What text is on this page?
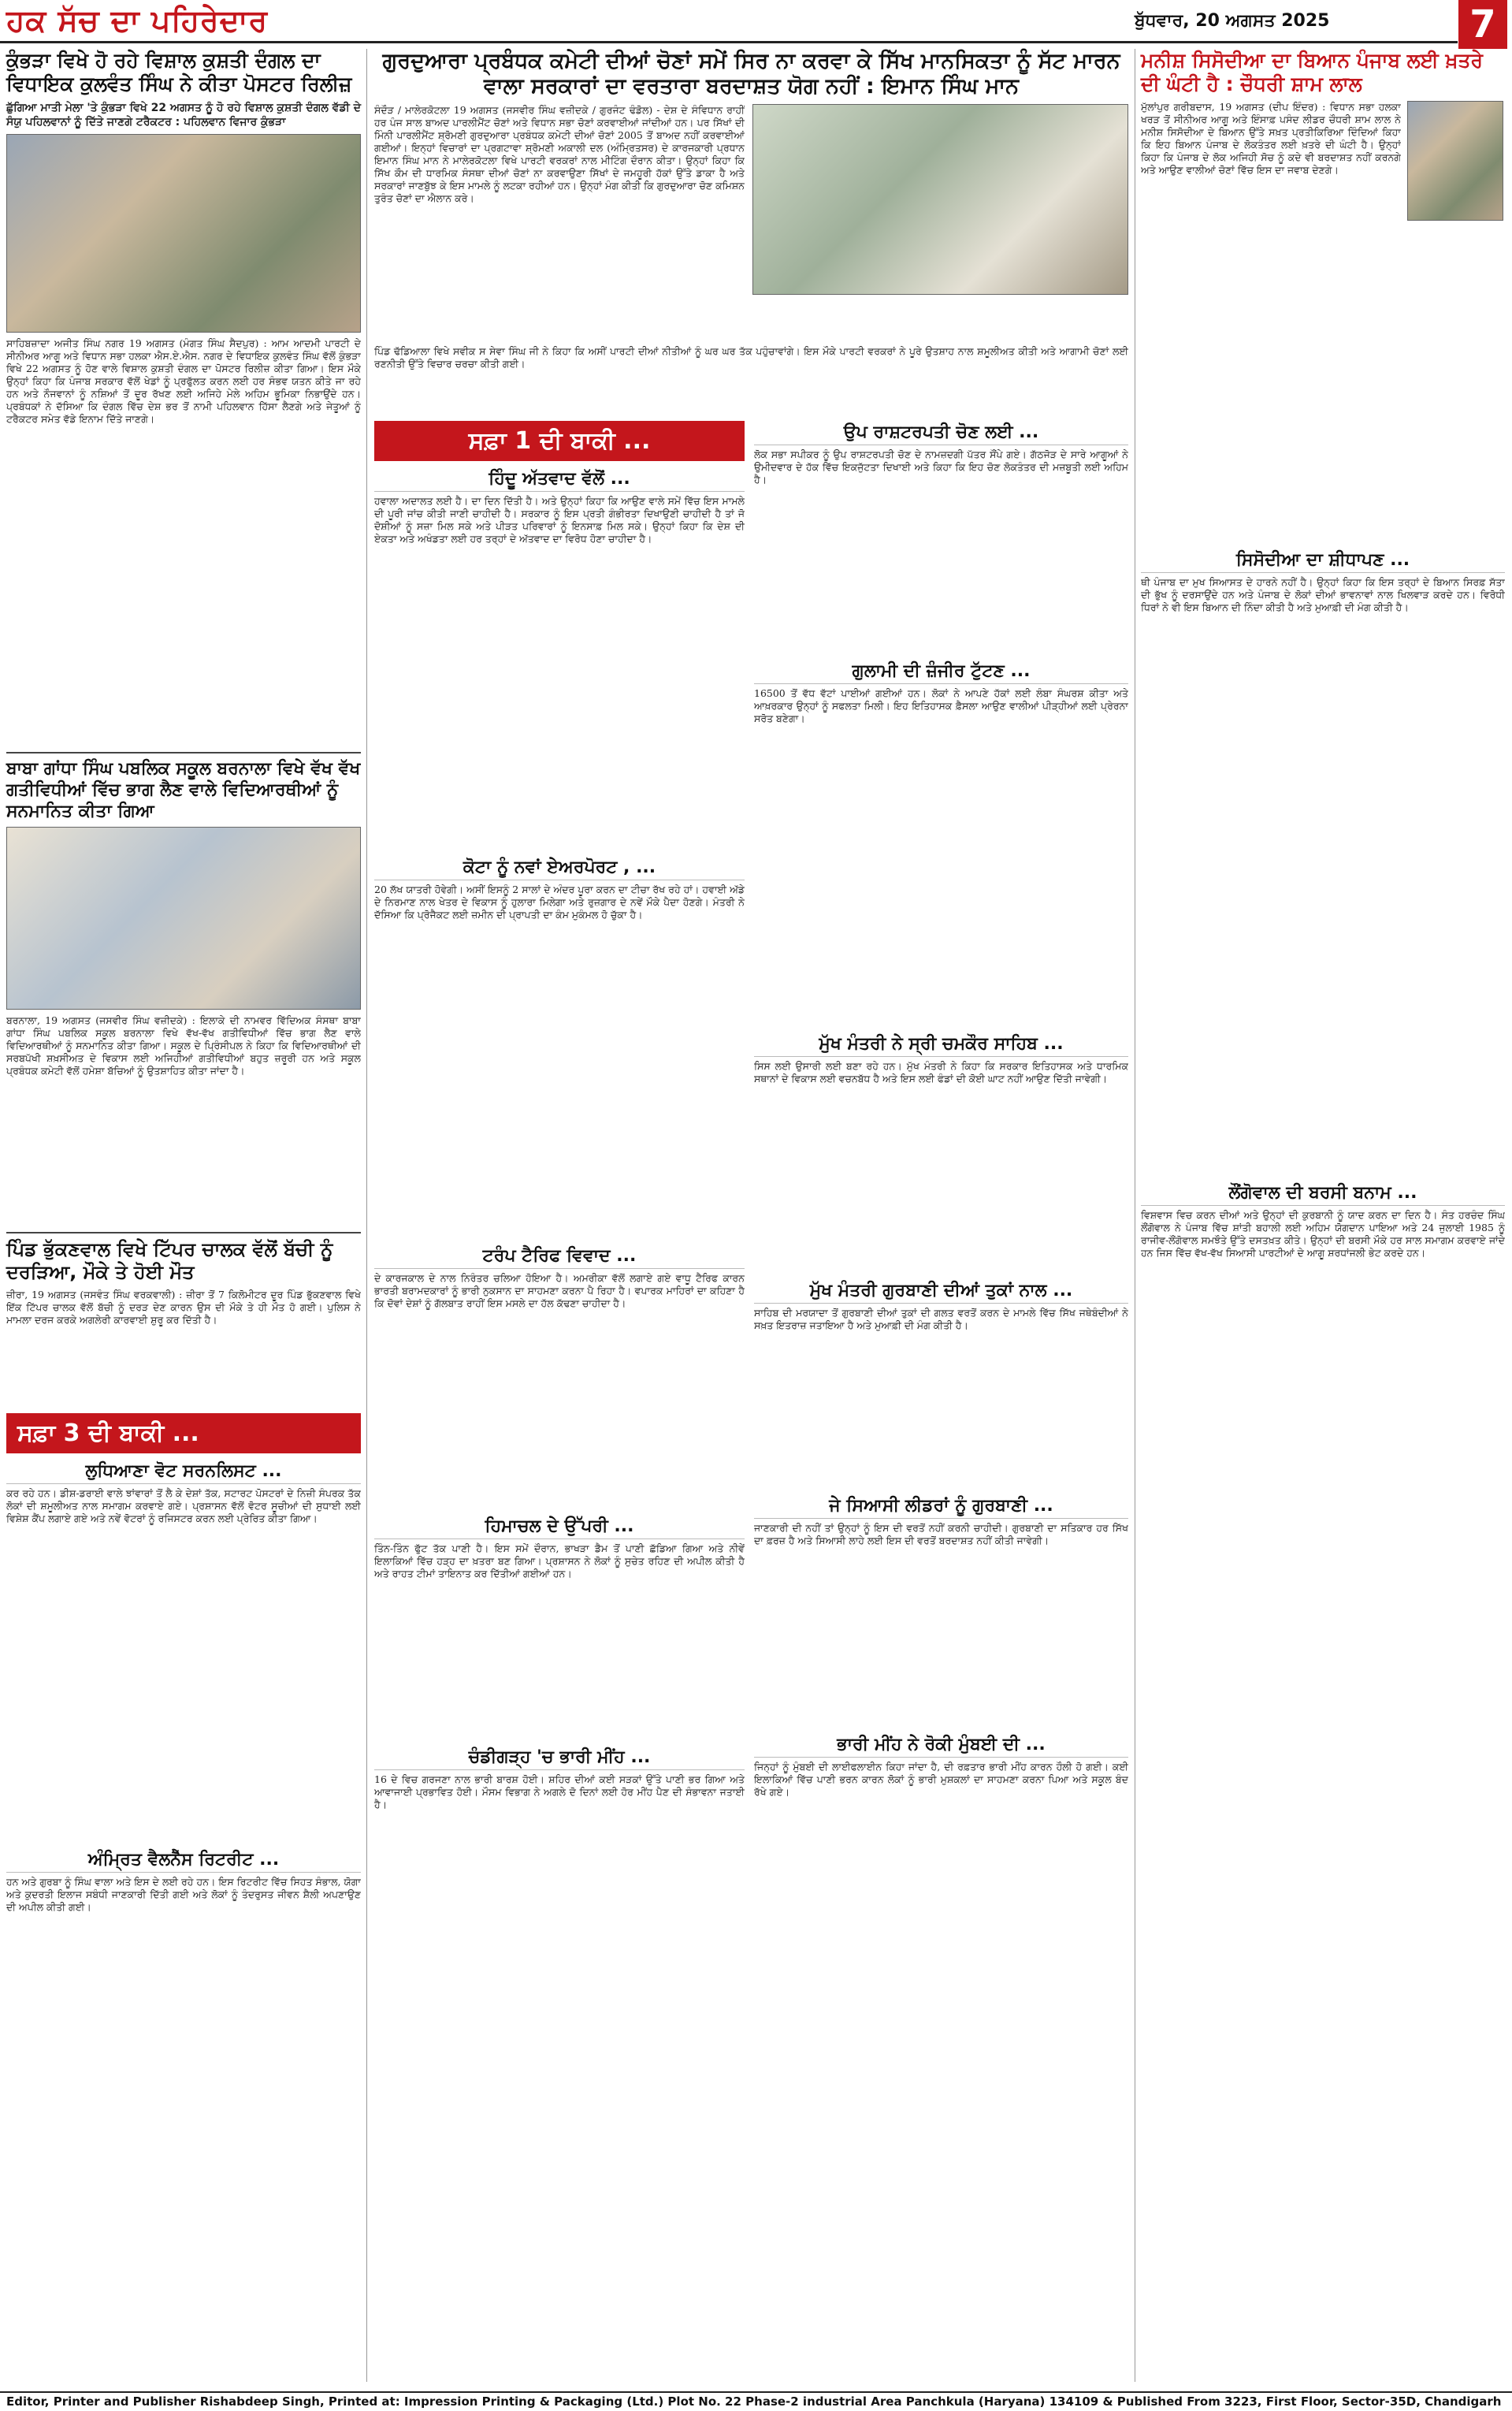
ਹਕ ਸੱਚ ਦਾ ਪਹਿਰੇਦਾਰ	ਬੁੱਧਵਾਰ, 20 ਅਗਸਤ 2025	7
ਕੁੰਭੜਾ ਵਿਖੇ ਹੋ ਰਹੇ ਵਿਸ਼ਾਲ ਕੁਸ਼ਤੀ ਦੰਗਲ ਦਾ ਵਿਧਾਇਕ ਕੁਲਵੰਤ ਸਿੰਘ ਨੇ ਕੀਤਾ ਪੋਸਟਰ ਰਿਲੀਜ਼
ਛੁੱਗਿਆ ਮਾਤੀ ਮੇਲਾ 'ਤੇ ਕੁੰਭੜਾ ਵਿਖੇ 22 ਅਗਸਤ ਨੂੰ ਹੋ ਰਹੇ ਵਿਸ਼ਾਲ ਕੁਸ਼ਤੀ ਦੰਗਲ ਵੱਡੀ ਦੇ ਸੰਯੁ ਪਹਿਲਵਾਨਾਂ ਨੂੰ ਦਿੱਤੇ ਜਾਣਗੇ ਟਰੈਕਟਰ : ਪਹਿਲਵਾਨ ਵਿਜਾਰ ਕੁੰਭੜਾ
ਸਾਹਿਬਜ਼ਾਦਾ ਅਜੀਤ ਸਿੰਘ ਨਗਰ 19 ਅਗਸਤ (ਮੰਗਤ ਸਿੰਘ ਸੈਦਪੁਰ) : ਆਮ ਆਦਮੀ ਪਾਰਟੀ ਦੇ ਸੀਨੀਅਰ ਆਗੂ ਅਤੇ ਵਿਧਾਨ ਸਭਾ ਹਲਕਾ ਐਸ.ਏ.ਐਸ. ਨਗਰ ਦੇ ਵਿਧਾਇਕ ਕੁਲਵੰਤ ਸਿੰਘ ਵੱਲੋਂ ਕੁੰਭੜਾ ਵਿਖੇ 22 ਅਗਸਤ ਨੂੰ ਹੋਣ ਵਾਲੇ ਵਿਸ਼ਾਲ ਕੁਸ਼ਤੀ ਦੰਗਲ ਦਾ ਪੋਸਟਰ ਰਿਲੀਜ਼ ਕੀਤਾ ਗਿਆ। ਇਸ ਮੌਕੇ ਉਨ੍ਹਾਂ ਕਿਹਾ ਕਿ ਪੰਜਾਬ ਸਰਕਾਰ ਵੱਲੋਂ ਖੇਡਾਂ ਨੂੰ ਪ੍ਰਫੁੱਲਤ ਕਰਨ ਲਈ ਹਰ ਸੰਭਵ ਯਤਨ ਕੀਤੇ ਜਾ ਰਹੇ ਹਨ ਅਤੇ ਨੌਜਵਾਨਾਂ ਨੂੰ ਨਸ਼ਿਆਂ ਤੋਂ ਦੂਰ ਰੱਖਣ ਲਈ ਅਜਿਹੇ ਮੇਲੇ ਅਹਿਮ ਭੂਮਿਕਾ ਨਿਭਾਉਂਦੇ ਹਨ। ਪ੍ਰਬੰਧਕਾਂ ਨੇ ਦੱਸਿਆ ਕਿ ਦੰਗਲ ਵਿੱਚ ਦੇਸ਼ ਭਰ ਤੋਂ ਨਾਮੀ ਪਹਿਲਵਾਨ ਹਿੱਸਾ ਲੈਣਗੇ ਅਤੇ ਜੇਤੂਆਂ ਨੂੰ ਟਰੈਕਟਰ ਸਮੇਤ ਵੱਡੇ ਇਨਾਮ ਦਿੱਤੇ ਜਾਣਗੇ।
ਬਾਬਾ ਗਾਂਧਾ ਸਿੰਘ ਪਬਲਿਕ ਸਕੂਲ ਬਰਨਾਲਾ ਵਿਖੇ ਵੱਖ ਵੱਖ ਗਤੀਵਿਧੀਆਂ ਵਿੱਚ ਭਾਗ ਲੈਣ ਵਾਲੇ ਵਿਦਿਆਰਥੀਆਂ ਨੂੰ ਸਨਮਾਨਿਤ ਕੀਤਾ ਗਿਆ
ਬਰਨਾਲਾ, 19 ਅਗਸਤ (ਜਸਵੀਰ ਸਿੰਘ ਵਜ਼ੀਦਕੇ) : ਇਲਾਕੇ ਦੀ ਨਾਮਵਰ ਵਿੱਦਿਅਕ ਸੰਸਥਾ ਬਾਬਾ ਗਾਂਧਾ ਸਿੰਘ ਪਬਲਿਕ ਸਕੂਲ ਬਰਨਾਲਾ ਵਿਖੇ ਵੱਖ-ਵੱਖ ਗਤੀਵਿਧੀਆਂ ਵਿੱਚ ਭਾਗ ਲੈਣ ਵਾਲੇ ਵਿਦਿਆਰਥੀਆਂ ਨੂੰ ਸਨਮਾਨਿਤ ਕੀਤਾ ਗਿਆ। ਸਕੂਲ ਦੇ ਪ੍ਰਿੰਸੀਪਲ ਨੇ ਕਿਹਾ ਕਿ ਵਿਦਿਆਰਥੀਆਂ ਦੀ ਸਰਬਪੱਖੀ ਸ਼ਖ਼ਸੀਅਤ ਦੇ ਵਿਕਾਸ ਲਈ ਅਜਿਹੀਆਂ ਗਤੀਵਿਧੀਆਂ ਬਹੁਤ ਜ਼ਰੂਰੀ ਹਨ ਅਤੇ ਸਕੂਲ ਪ੍ਰਬੰਧਕ ਕਮੇਟੀ ਵੱਲੋਂ ਹਮੇਸ਼ਾ ਬੱਚਿਆਂ ਨੂੰ ਉਤਸ਼ਾਹਿਤ ਕੀਤਾ ਜਾਂਦਾ ਹੈ।
ਪਿੰਡ ਭੁੱਕਣਵਾਲ ਵਿਖੇ ਟਿੱਪਰ ਚਾਲਕ ਵੱਲੋਂ ਬੱਚੀ ਨੂੰ ਦਰੜਿਆ, ਮੌਕੇ ਤੇ ਹੋਈ ਮੌਤ
ਜ਼ੀਰਾ, 19 ਅਗਸਤ (ਜਸਵੰਤ ਸਿੰਘ ਵਰਕਵਾਲੀ) : ਜ਼ੀਰਾ ਤੋਂ 7 ਕਿਲੋਮੀਟਰ ਦੂਰ ਪਿੰਡ ਭੁੱਕਣਵਾਲ ਵਿਖੇ ਇੱਕ ਟਿੱਪਰ ਚਾਲਕ ਵੱਲੋਂ ਬੱਚੀ ਨੂੰ ਦਰੜ ਦੇਣ ਕਾਰਨ ਉਸ ਦੀ ਮੌਕੇ ਤੇ ਹੀ ਮੌਤ ਹੋ ਗਈ। ਪੁਲਿਸ ਨੇ ਮਾਮਲਾ ਦਰਜ ਕਰਕੇ ਅਗਲੇਰੀ ਕਾਰਵਾਈ ਸ਼ੁਰੂ ਕਰ ਦਿੱਤੀ ਹੈ।
ਸਫ਼ਾ 3 ਦੀ ਬਾਕੀ ...
ਲੁਧਿਆਣਾ ਵੋਟ ਸਰਨਲਿਸਟ ...
ਕਰ ਰਹੇ ਹਨ। ਡੀਸ਼-ਡਰਾਈ ਵਾਲੇ ਝਾਂਵਾਰਾਂ ਤੋਂ ਲੈ ਕੇ ਦੇਸ਼ਾਂ ਤੱਕ, ਸਟਾਰਟ ਪੋਸਟਰਾਂ ਦੇ ਨਿਜ਼ੀ ਸੰਪਰਕ ਤੱਕ ਲੋਕਾਂ ਦੀ ਸ਼ਮੂਲੀਅਤ ਨਾਲ ਸਮਾਗਮ ਕਰਵਾਏ ਗਏ। ਪ੍ਰਸ਼ਾਸਨ ਵੱਲੋਂ ਵੋਟਰ ਸੂਚੀਆਂ ਦੀ ਸੁਧਾਈ ਲਈ ਵਿਸ਼ੇਸ਼ ਕੈਂਪ ਲਗਾਏ ਗਏ ਅਤੇ ਨਵੇਂ ਵੋਟਰਾਂ ਨੂੰ ਰਜਿਸਟਰ ਕਰਨ ਲਈ ਪ੍ਰੇਰਿਤ ਕੀਤਾ ਗਿਆ।
ਅੰਮ੍ਰਿਤ ਵੈਲਨੈੱਸ ਰਿਟਰੀਟ ...
ਹਨ ਅਤੇ ਗੁਰਬਾ ਨੂੰ ਸਿੰਘ ਵਾਲਾ ਅਤੇ ਇਸ ਦੇ ਲਈ ਰਹੇ ਹਨ। ਇਸ ਰਿਟਰੀਟ ਵਿੱਚ ਸਿਹਤ ਸੰਭਾਲ, ਯੋਗਾ ਅਤੇ ਕੁਦਰਤੀ ਇਲਾਜ ਸਬੰਧੀ ਜਾਣਕਾਰੀ ਦਿੱਤੀ ਗਈ ਅਤੇ ਲੋਕਾਂ ਨੂੰ ਤੰਦਰੁਸਤ ਜੀਵਨ ਸ਼ੈਲੀ ਅਪਣਾਉਣ ਦੀ ਅਪੀਲ ਕੀਤੀ ਗਈ।
ਗੁਰਦੁਆਰਾ ਪ੍ਰਬੰਧਕ ਕਮੇਟੀ ਦੀਆਂ ਚੋਣਾਂ ਸਮੇਂ ਸਿਰ ਨਾ ਕਰਵਾ ਕੇ ਸਿੱਖ ਮਾਨਸਿਕਤਾ ਨੂੰ ਸੱਟ ਮਾਰਨ ਵਾਲਾ ਸਰਕਾਰਾਂ ਦਾ ਵਰਤਾਰਾ ਬਰਦਾਸ਼ਤ ਯੋਗ ਨਹੀਂ : ਇਮਾਨ ਸਿੰਘ ਮਾਨ
ਸੰਦੌੜ / ਮਾਲੇਰਕੋਟਲਾ 19 ਅਗਸਤ (ਜਸਵੀਰ ਸਿੰਘ ਵਜ਼ੀਦਕੇ / ਗੁਰਜੰਟ ਢੰਡੋਲ) - ਦੇਸ਼ ਦੇ ਸੰਵਿਧਾਨ ਰਾਹੀਂ ਹਰ ਪੰਜ ਸਾਲ ਬਾਅਦ ਪਾਰਲੀਮੈਂਟ ਚੋਣਾਂ ਅਤੇ ਵਿਧਾਨ ਸਭਾ ਚੋਣਾਂ ਕਰਵਾਈਆਂ ਜਾਂਦੀਆਂ ਹਨ। ਪਰ ਸਿੱਖਾਂ ਦੀ ਮਿੰਨੀ ਪਾਰਲੀਮੈਂਟ ਸ਼੍ਰੋਮਣੀ ਗੁਰਦੁਆਰਾ ਪ੍ਰਬੰਧਕ ਕਮੇਟੀ ਦੀਆਂ ਚੋਣਾਂ 2005 ਤੋਂ ਬਾਅਦ ਨਹੀਂ ਕਰਵਾਈਆਂ ਗਈਆਂ। ਇਨ੍ਹਾਂ ਵਿਚਾਰਾਂ ਦਾ ਪ੍ਰਗਟਾਵਾ ਸ਼੍ਰੋਮਣੀ ਅਕਾਲੀ ਦਲ (ਅੰਮ੍ਰਿਤਸਰ) ਦੇ ਕਾਰਜਕਾਰੀ ਪ੍ਰਧਾਨ ਇਮਾਨ ਸਿੰਘ ਮਾਨ ਨੇ ਮਾਲੇਰਕੋਟਲਾ ਵਿਖੇ ਪਾਰਟੀ ਵਰਕਰਾਂ ਨਾਲ ਮੀਟਿੰਗ ਦੌਰਾਨ ਕੀਤਾ। ਉਨ੍ਹਾਂ ਕਿਹਾ ਕਿ ਸਿੱਖ ਕੌਮ ਦੀ ਧਾਰਮਿਕ ਸੰਸਥਾ ਦੀਆਂ ਚੋਣਾਂ ਨਾ ਕਰਵਾਉਣਾ ਸਿੱਖਾਂ ਦੇ ਜਮਹੂਰੀ ਹੱਕਾਂ ਉੱਤੇ ਡਾਕਾ ਹੈ ਅਤੇ ਸਰਕਾਰਾਂ ਜਾਣਬੁੱਝ ਕੇ ਇਸ ਮਾਮਲੇ ਨੂੰ ਲਟਕਾ ਰਹੀਆਂ ਹਨ। ਉਨ੍ਹਾਂ ਮੰਗ ਕੀਤੀ ਕਿ ਗੁਰਦੁਆਰਾ ਚੋਣ ਕਮਿਸ਼ਨ ਤੁਰੰਤ ਚੋਣਾਂ ਦਾ ਐਲਾਨ ਕਰੇ।
ਪਿੰਡ ਢੱਡਿਆਲਾ ਵਿਖੇ ਸਵੀਕ ਸ ਸੇਵਾ ਸਿੰਘ ਜੀ ਨੇ ਕਿਹਾ ਕਿ ਅਸੀਂ ਪਾਰਟੀ ਦੀਆਂ ਨੀਤੀਆਂ ਨੂੰ ਘਰ ਘਰ ਤੱਕ ਪਹੁੰਚਾਵਾਂਗੇ। ਇਸ ਮੌਕੇ ਪਾਰਟੀ ਵਰਕਰਾਂ ਨੇ ਪੂਰੇ ਉਤਸ਼ਾਹ ਨਾਲ ਸ਼ਮੂਲੀਅਤ ਕੀਤੀ ਅਤੇ ਆਗਾਮੀ ਚੋਣਾਂ ਲਈ ਰਣਨੀਤੀ ਉੱਤੇ ਵਿਚਾਰ ਚਰਚਾ ਕੀਤੀ ਗਈ।
ਸਫ਼ਾ 1 ਦੀ ਬਾਕੀ ...
ਹਿੰਦੂ ਅੱਤਵਾਦ ਵੱਲੋਂ ...
ਹਵਾਲਾ ਅਦਾਲਤ ਲਈ ਹੈ। ਦਾ ਦਿਨ ਦਿੱਤੀ ਹੈ। ਅਤੇ ਉਨ੍ਹਾਂ ਕਿਹਾ ਕਿ ਆਉਣ ਵਾਲੇ ਸਮੇਂ ਵਿੱਚ ਇਸ ਮਾਮਲੇ ਦੀ ਪੂਰੀ ਜਾਂਚ ਕੀਤੀ ਜਾਣੀ ਚਾਹੀਦੀ ਹੈ। ਸਰਕਾਰ ਨੂੰ ਇਸ ਪ੍ਰਤੀ ਗੰਭੀਰਤਾ ਦਿਖਾਉਣੀ ਚਾਹੀਦੀ ਹੈ ਤਾਂ ਜੋ ਦੋਸ਼ੀਆਂ ਨੂੰ ਸਜ਼ਾ ਮਿਲ ਸਕੇ ਅਤੇ ਪੀੜਤ ਪਰਿਵਾਰਾਂ ਨੂੰ ਇਨਸਾਫ਼ ਮਿਲ ਸਕੇ। ਉਨ੍ਹਾਂ ਕਿਹਾ ਕਿ ਦੇਸ਼ ਦੀ ਏਕਤਾ ਅਤੇ ਅਖੰਡਤਾ ਲਈ ਹਰ ਤਰ੍ਹਾਂ ਦੇ ਅੱਤਵਾਦ ਦਾ ਵਿਰੋਧ ਹੋਣਾ ਚਾਹੀਦਾ ਹੈ।
ਕੋਟਾ ਨੂੰ ਨਵਾਂ ਏਅਰਪੋਰਟ , ...
20 ਲੱਖ ਯਾਤਰੀ ਹੋਵੇਗੀ। ਅਸੀਂ ਇਸਨੂੰ 2 ਸਾਲਾਂ ਦੇ ਅੰਦਰ ਪੂਰਾ ਕਰਨ ਦਾ ਟੀਚਾ ਰੱਖ ਰਹੇ ਹਾਂ। ਹਵਾਈ ਅੱਡੇ ਦੇ ਨਿਰਮਾਣ ਨਾਲ ਖੇਤਰ ਦੇ ਵਿਕਾਸ ਨੂੰ ਹੁਲਾਰਾ ਮਿਲੇਗਾ ਅਤੇ ਰੁਜ਼ਗਾਰ ਦੇ ਨਵੇਂ ਮੌਕੇ ਪੈਦਾ ਹੋਣਗੇ। ਮੰਤਰੀ ਨੇ ਦੱਸਿਆ ਕਿ ਪ੍ਰੋਜੈਕਟ ਲਈ ਜ਼ਮੀਨ ਦੀ ਪ੍ਰਾਪਤੀ ਦਾ ਕੰਮ ਮੁਕੰਮਲ ਹੋ ਚੁੱਕਾ ਹੈ।
ਟਰੰਪ ਟੈਰਿਫ ਵਿਵਾਦ ...
ਦੇ ਕਾਰਜਕਾਲ ਦੇ ਨਾਲ ਨਿਰੰਤਰ ਚਲਿਆ ਹੋਇਆ ਹੈ। ਅਮਰੀਕਾ ਵੱਲੋਂ ਲਗਾਏ ਗਏ ਵਾਧੂ ਟੈਰਿਫ ਕਾਰਨ ਭਾਰਤੀ ਬਰਾਮਦਕਾਰਾਂ ਨੂੰ ਭਾਰੀ ਨੁਕਸਾਨ ਦਾ ਸਾਹਮਣਾ ਕਰਨਾ ਪੈ ਰਿਹਾ ਹੈ। ਵਪਾਰਕ ਮਾਹਿਰਾਂ ਦਾ ਕਹਿਣਾ ਹੈ ਕਿ ਦੋਵਾਂ ਦੇਸ਼ਾਂ ਨੂੰ ਗੱਲਬਾਤ ਰਾਹੀਂ ਇਸ ਮਸਲੇ ਦਾ ਹੱਲ ਕੱਢਣਾ ਚਾਹੀਦਾ ਹੈ।
ਹਿਮਾਚਲ ਦੇ ਉੱਪਰੀ ...
ਤਿੰਨ-ਤਿੰਨ ਫੁੱਟ ਤੱਕ ਪਾਣੀ ਹੈ। ਇਸ ਸਮੇਂ ਦੌਰਾਨ, ਭਾਖੜਾ ਡੈਮ ਤੋਂ ਪਾਣੀ ਛੱਡਿਆ ਗਿਆ ਅਤੇ ਨੀਵੇਂ ਇਲਾਕਿਆਂ ਵਿੱਚ ਹੜ੍ਹ ਦਾ ਖ਼ਤਰਾ ਬਣ ਗਿਆ। ਪ੍ਰਸ਼ਾਸਨ ਨੇ ਲੋਕਾਂ ਨੂੰ ਸੁਚੇਤ ਰਹਿਣ ਦੀ ਅਪੀਲ ਕੀਤੀ ਹੈ ਅਤੇ ਰਾਹਤ ਟੀਮਾਂ ਤਾਇਨਾਤ ਕਰ ਦਿੱਤੀਆਂ ਗਈਆਂ ਹਨ।
ਚੰਡੀਗੜ੍ਹ 'ਚ ਭਾਰੀ ਮੀਂਹ ...
16 ਦੇ ਵਿਚ ਗਰਜਣਾ ਨਾਲ ਭਾਰੀ ਬਾਰਸ਼ ਹੋਈ। ਸ਼ਹਿਰ ਦੀਆਂ ਕਈ ਸੜਕਾਂ ਉੱਤੇ ਪਾਣੀ ਭਰ ਗਿਆ ਅਤੇ ਆਵਾਜਾਈ ਪ੍ਰਭਾਵਿਤ ਹੋਈ। ਮੌਸਮ ਵਿਭਾਗ ਨੇ ਅਗਲੇ ਦੋ ਦਿਨਾਂ ਲਈ ਹੋਰ ਮੀਂਹ ਪੈਣ ਦੀ ਸੰਭਾਵਨਾ ਜਤਾਈ ਹੈ।
ਉਪ ਰਾਸ਼ਟਰਪਤੀ ਚੋਣ ਲਈ ...
ਲੋਕ ਸਭਾ ਸਪੀਕਰ ਨੂੰ ਉਪ ਰਾਸ਼ਟਰਪਤੀ ਚੋਣ ਦੇ ਨਾਮਜ਼ਦਗੀ ਪੱਤਰ ਸੌਂਪੇ ਗਏ। ਗੱਠਜੋੜ ਦੇ ਸਾਰੇ ਆਗੂਆਂ ਨੇ ਉਮੀਦਵਾਰ ਦੇ ਹੱਕ ਵਿੱਚ ਇਕਜੁੱਟਤਾ ਦਿਖਾਈ ਅਤੇ ਕਿਹਾ ਕਿ ਇਹ ਚੋਣ ਲੋਕਤੰਤਰ ਦੀ ਮਜ਼ਬੂਤੀ ਲਈ ਅਹਿਮ ਹੈ।
ਗੁਲਾਮੀ ਦੀ ਜ਼ੰਜੀਰ ਟੁੱਟਣ ...
16500 ਤੋਂ ਵੱਧ ਵੱਟਾਂ ਪਾਈਆਂ ਗਈਆਂ ਹਨ। ਲੋਕਾਂ ਨੇ ਆਪਣੇ ਹੱਕਾਂ ਲਈ ਲੰਬਾ ਸੰਘਰਸ਼ ਕੀਤਾ ਅਤੇ ਆਖ਼ਰਕਾਰ ਉਨ੍ਹਾਂ ਨੂੰ ਸਫਲਤਾ ਮਿਲੀ। ਇਹ ਇਤਿਹਾਸਕ ਫ਼ੈਸਲਾ ਆਉਣ ਵਾਲੀਆਂ ਪੀੜ੍ਹੀਆਂ ਲਈ ਪ੍ਰੇਰਨਾ ਸਰੋਤ ਬਣੇਗਾ।
ਮੁੱਖ ਮੰਤਰੀ ਨੇ ਸ੍ਰੀ ਚਮਕੌਰ ਸਾਹਿਬ ...
ਸਿਸ ਲਈ ਉਸਾਰੀ ਲਈ ਬਣਾ ਰਹੇ ਹਨ। ਮੁੱਖ ਮੰਤਰੀ ਨੇ ਕਿਹਾ ਕਿ ਸਰਕਾਰ ਇਤਿਹਾਸਕ ਅਤੇ ਧਾਰਮਿਕ ਸਥਾਨਾਂ ਦੇ ਵਿਕਾਸ ਲਈ ਵਚਨਬੱਧ ਹੈ ਅਤੇ ਇਸ ਲਈ ਫੰਡਾਂ ਦੀ ਕੋਈ ਘਾਟ ਨਹੀਂ ਆਉਣ ਦਿੱਤੀ ਜਾਵੇਗੀ।
ਮੁੱਖ ਮੰਤਰੀ ਗੁਰਬਾਣੀ ਦੀਆਂ ਤੁਕਾਂ ਨਾਲ ...
ਸਾਹਿਬ ਦੀ ਮਰਯਾਦਾ ਤੋਂ ਗੁਰਬਾਣੀ ਦੀਆਂ ਤੁਕਾਂ ਦੀ ਗਲਤ ਵਰਤੋਂ ਕਰਨ ਦੇ ਮਾਮਲੇ ਵਿੱਚ ਸਿੱਖ ਜਥੇਬੰਦੀਆਂ ਨੇ ਸਖ਼ਤ ਇਤਰਾਜ਼ ਜਤਾਇਆ ਹੈ ਅਤੇ ਮੁਆਫ਼ੀ ਦੀ ਮੰਗ ਕੀਤੀ ਹੈ।
ਜੇ ਸਿਆਸੀ ਲੀਡਰਾਂ ਨੂੰ ਗੁਰਬਾਣੀ ...
ਜਾਣਕਾਰੀ ਦੀ ਨਹੀਂ ਤਾਂ ਉਨ੍ਹਾਂ ਨੂੰ ਇਸ ਦੀ ਵਰਤੋਂ ਨਹੀਂ ਕਰਨੀ ਚਾਹੀਦੀ। ਗੁਰਬਾਣੀ ਦਾ ਸਤਿਕਾਰ ਹਰ ਸਿੱਖ ਦਾ ਫ਼ਰਜ਼ ਹੈ ਅਤੇ ਸਿਆਸੀ ਲਾਹੇ ਲਈ ਇਸ ਦੀ ਵਰਤੋਂ ਬਰਦਾਸ਼ਤ ਨਹੀਂ ਕੀਤੀ ਜਾਵੇਗੀ।
ਭਾਰੀ ਮੀਂਹ ਨੇ ਰੋਕੀ ਮੁੰਬਈ ਦੀ ...
ਜਿਨ੍ਹਾਂ ਨੂੰ ਮੁੰਬਈ ਦੀ ਲਾਈਫਲਾਈਨ ਕਿਹਾ ਜਾਂਦਾ ਹੈ, ਦੀ ਰਫ਼ਤਾਰ ਭਾਰੀ ਮੀਂਹ ਕਾਰਨ ਹੌਲੀ ਹੋ ਗਈ। ਕਈ ਇਲਾਕਿਆਂ ਵਿੱਚ ਪਾਣੀ ਭਰਨ ਕਾਰਨ ਲੋਕਾਂ ਨੂੰ ਭਾਰੀ ਮੁਸ਼ਕਲਾਂ ਦਾ ਸਾਹਮਣਾ ਕਰਨਾ ਪਿਆ ਅਤੇ ਸਕੂਲ ਬੰਦ ਰੱਖੇ ਗਏ।
ਮਨੀਸ਼ ਸਿਸੋਦੀਆ ਦਾ ਬਿਆਨ ਪੰਜਾਬ ਲਈ ਖ਼ਤਰੇ ਦੀ ਘੰਟੀ ਹੈ : ਚੌਧਰੀ ਸ਼ਾਮ ਲਾਲ
ਮੁੱਲਾਂਪੁਰ ਗਰੀਬਦਾਸ, 19 ਅਗਸਤ (ਦੀਪ ਇੰਦਰ) : ਵਿਧਾਨ ਸਭਾ ਹਲਕਾ ਖਰੜ ਤੋਂ ਸੀਨੀਅਰ ਆਗੂ ਅਤੇ ਇੰਸਾਫ਼ ਪਸੰਦ ਲੀਡਰ ਚੌਧਰੀ ਸ਼ਾਮ ਲਾਲ ਨੇ ਮਨੀਸ਼ ਸਿਸੋਦੀਆ ਦੇ ਬਿਆਨ ਉੱਤੇ ਸਖ਼ਤ ਪ੍ਰਤੀਕਿਰਿਆ ਦਿੰਦਿਆਂ ਕਿਹਾ ਕਿ ਇਹ ਬਿਆਨ ਪੰਜਾਬ ਦੇ ਲੋਕਤੰਤਰ ਲਈ ਖ਼ਤਰੇ ਦੀ ਘੰਟੀ ਹੈ। ਉਨ੍ਹਾਂ ਕਿਹਾ ਕਿ ਪੰਜਾਬ ਦੇ ਲੋਕ ਅਜਿਹੀ ਸੋਚ ਨੂੰ ਕਦੇ ਵੀ ਬਰਦਾਸ਼ਤ ਨਹੀਂ ਕਰਨਗੇ ਅਤੇ ਆਉਣ ਵਾਲੀਆਂ ਚੋਣਾਂ ਵਿੱਚ ਇਸ ਦਾ ਜਵਾਬ ਦੇਣਗੇ।
ਸਿਸੋਦੀਆ ਦਾ ਸ਼ੀਧਾਪਣ ...
ਥੀ ਪੰਜਾਬ ਦਾ ਮੁਖ ਸਿਆਸਤ ਦੇ ਹਾਰਨੇ ਨਹੀਂ ਹੈ। ਉਨ੍ਹਾਂ ਕਿਹਾ ਕਿ ਇਸ ਤਰ੍ਹਾਂ ਦੇ ਬਿਆਨ ਸਿਰਫ਼ ਸੱਤਾ ਦੀ ਭੁੱਖ ਨੂੰ ਦਰਸਾਉਂਦੇ ਹਨ ਅਤੇ ਪੰਜਾਬ ਦੇ ਲੋਕਾਂ ਦੀਆਂ ਭਾਵਨਾਵਾਂ ਨਾਲ ਖਿਲਵਾੜ ਕਰਦੇ ਹਨ। ਵਿਰੋਧੀ ਧਿਰਾਂ ਨੇ ਵੀ ਇਸ ਬਿਆਨ ਦੀ ਨਿੰਦਾ ਕੀਤੀ ਹੈ ਅਤੇ ਮੁਆਫ਼ੀ ਦੀ ਮੰਗ ਕੀਤੀ ਹੈ।
ਲੌਂਗੋਵਾਲ ਦੀ ਬਰਸੀ ਬਨਾਮ ...
ਵਿਸ਼ਵਾਸ ਵਿਚ ਕਰਨ ਦੀਆਂ ਅਤੇ ਉਨ੍ਹਾਂ ਦੀ ਕੁਰਬਾਨੀ ਨੂੰ ਯਾਦ ਕਰਨ ਦਾ ਦਿਨ ਹੈ। ਸੰਤ ਹਰਚੰਦ ਸਿੰਘ ਲੌਂਗੋਵਾਲ ਨੇ ਪੰਜਾਬ ਵਿੱਚ ਸ਼ਾਂਤੀ ਬਹਾਲੀ ਲਈ ਅਹਿਮ ਯੋਗਦਾਨ ਪਾਇਆ ਅਤੇ 24 ਜੁਲਾਈ 1985 ਨੂੰ ਰਾਜੀਵ-ਲੌਂਗੋਵਾਲ ਸਮਝੌਤੇ ਉੱਤੇ ਦਸਤਖ਼ਤ ਕੀਤੇ। ਉਨ੍ਹਾਂ ਦੀ ਬਰਸੀ ਮੌਕੇ ਹਰ ਸਾਲ ਸਮਾਗਮ ਕਰਵਾਏ ਜਾਂਦੇ ਹਨ ਜਿਸ ਵਿੱਚ ਵੱਖ-ਵੱਖ ਸਿਆਸੀ ਪਾਰਟੀਆਂ ਦੇ ਆਗੂ ਸ਼ਰਧਾਂਜਲੀ ਭੇਟ ਕਰਦੇ ਹਨ।
Editor, Printer and Publisher Rishabdeep Singh, Printed at: Impression Printing & Packaging (Ltd.) Plot No. 22 Phase-2 industrial Area Panchkula (Haryana) 134109 & Published From 3223, First Floor, Sector-35D, Chandigarh
